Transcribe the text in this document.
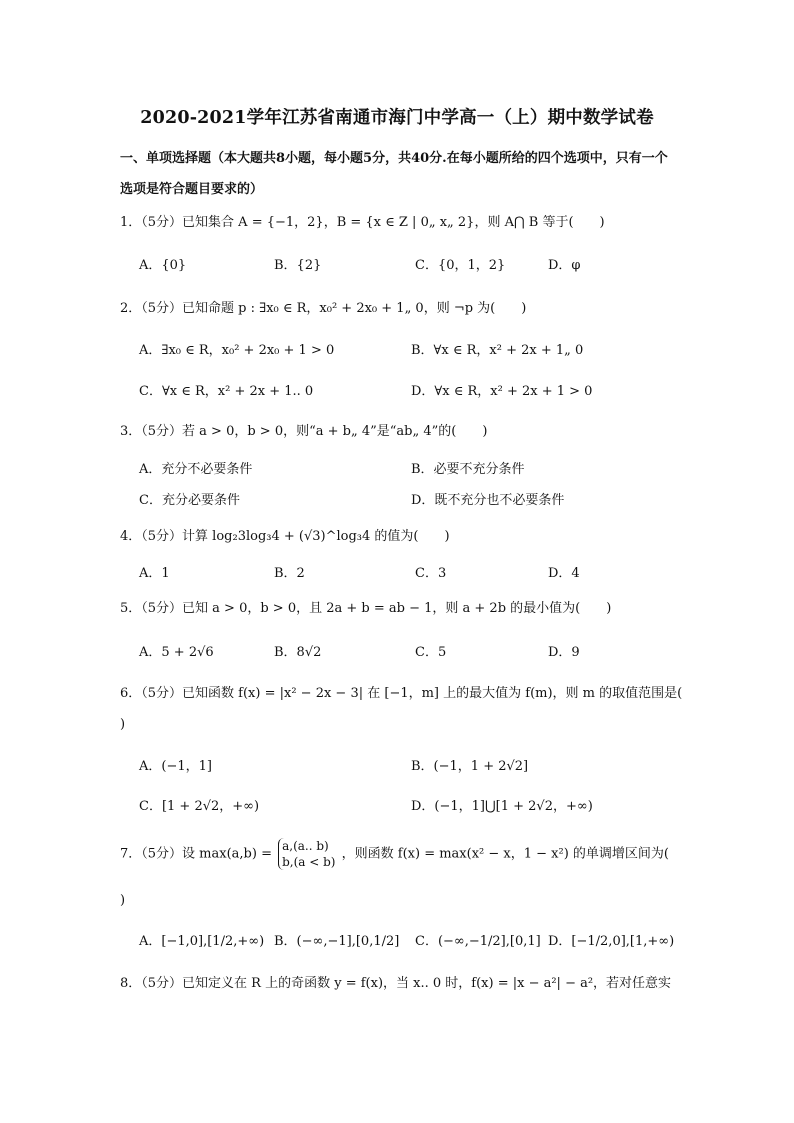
2020-2021学年江苏省南通市海门中学高一（上）期中数学试卷
一、单项选择题（本大题共8小题，每小题5分，共40分.在每小题所给的四个选项中，只有一个选项是符合题目要求的）
1．（5分）已知集合 A = {−1，2}，B = {x ∈ Z | 0„ x„ 2}，则 A⋂ B 等于(　　)
A．{0}	B．{2}	C．{0，1，2}	D．φ
2．（5分）已知命题 p : ∃x₀ ∈ R，x₀² + 2x₀ + 1„ 0，则 ¬p 为(　　)
A．∃x₀ ∈ R，x₀² + 2x₀ + 1 > 0	B．∀x ∈ R，x² + 2x + 1„ 0
C．∀x ∈ R，x² + 2x + 1.. 0	D．∀x ∈ R，x² + 2x + 1 > 0
3．（5分）若 a > 0，b > 0，则“a + b„ 4”是“ab„ 4”的(　　)
A．充分不必要条件	B．必要不充分条件
C．充分必要条件	D．既不充分也不必要条件
4．（5分）计算 log₂3log₃4 + (√3)^log₃4 的值为(　　)
A．1	B．2	C．3	D．4
5．（5分）已知 a > 0，b > 0，且 2a + b = ab − 1，则 a + 2b 的最小值为(　　)
A．5 + 2√6	B．8√2	C．5	D．9
6．（5分）已知函数 f(x) = |x² − 2x − 3| 在 [−1，m] 上的最大值为 f(m)，则 m 的取值范围是(
)
A．(−1，1]	B．(−1，1 + 2√2]
C．[1 + 2√2，+∞)	D．(−1，1]⋃[1 + 2√2，+∞)
7．（5分）设 max(a,b) =
a,(a.. b)
b,(a < b)
，则函数 f(x) = max(x² − x，1 − x²) 的单调增区间为(
)
A．[−1,0],[1/2,+∞) B．(−∞,−1],[0,1/2] C．(−∞,−1/2],[0,1] D．[−1/2,0],[1,+∞)
8．（5分）已知定义在 R 上的奇函数 y = f(x)，当 x.. 0 时，f(x) = |x − a²| − a²，若对任意实
